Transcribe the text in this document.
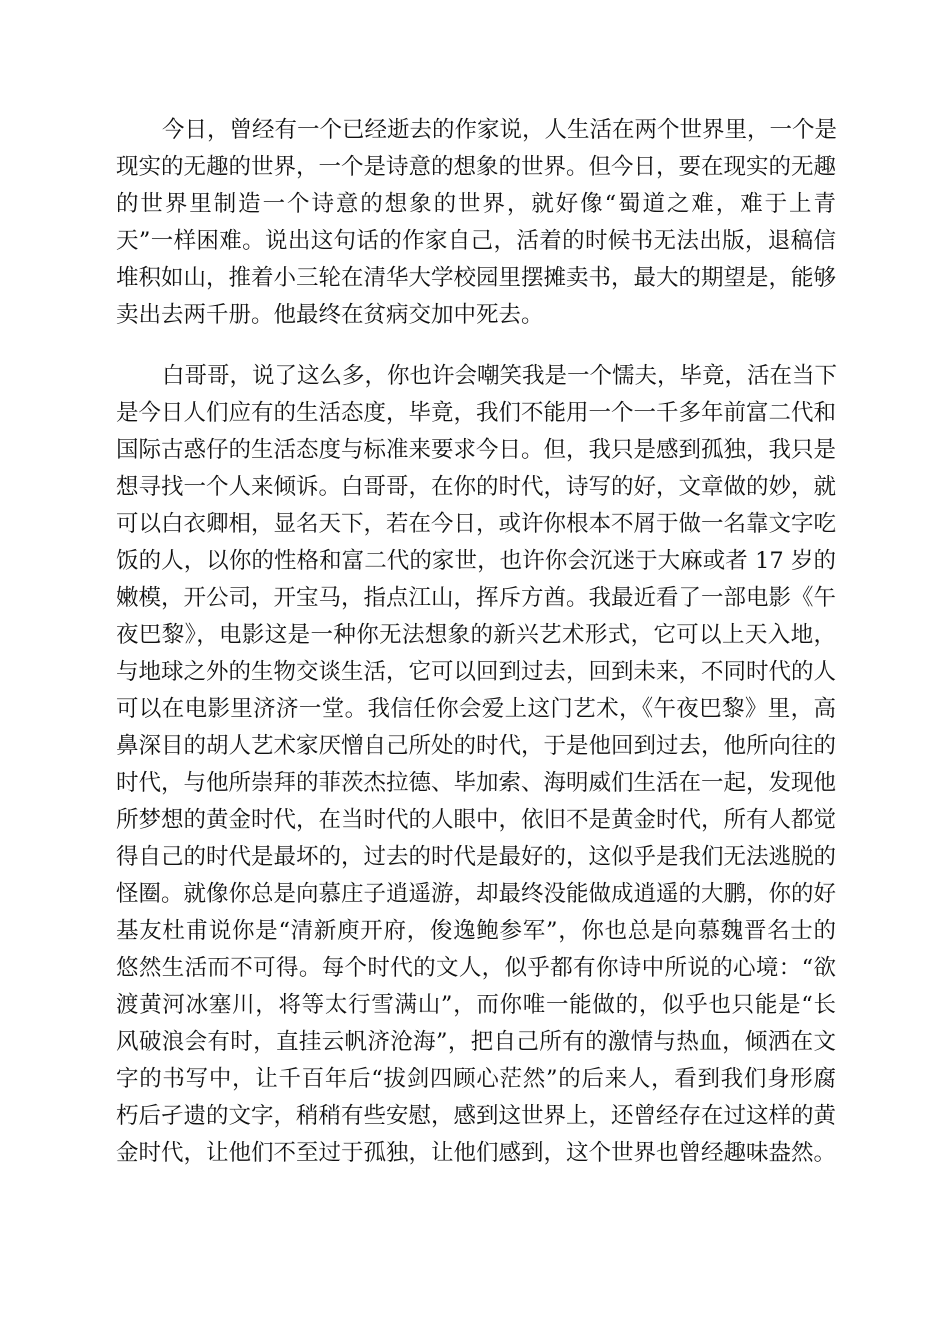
今日，曾经有一个已经逝去的作家说，人生活在两个世界里，一个是
现实的无趣的世界，一个是诗意的想象的世界。但今日，要在现实的无趣
的世界里制造一个诗意的想象的世界，就好像“蜀道之难，难于上青
天”一样困难。说出这句话的作家自己，活着的时候书无法出版，退稿信
堆积如山，推着小三轮在清华大学校园里摆摊卖书，最大的期望是，能够
卖出去两千册。他最终在贫病交加中死去。
白哥哥，说了这么多，你也许会嘲笑我是一个懦夫，毕竟，活在当下
是今日人们应有的生活态度，毕竟，我们不能用一个一千多年前富二代和
国际古惑仔的生活态度与标准来要求今日。但，我只是感到孤独，我只是
想寻找一个人来倾诉。白哥哥，在你的时代，诗写的好，文章做的妙，就
可以白衣卿相，显名天下，若在今日，或许你根本不屑于做一名靠文字吃
饭的人，以你的性格和富二代的家世，也许你会沉迷于大麻或者 17 岁的
嫩模，开公司，开宝马，指点江山，挥斥方酋。我最近看了一部电影《午
夜巴黎》，电影这是一种你无法想象的新兴艺术形式，它可以上天入地，
与地球之外的生物交谈生活，它可以回到过去，回到未来，不同时代的人
可以在电影里济济一堂。我信任你会爱上这门艺术，《午夜巴黎》里，高
鼻深目的胡人艺术家厌憎自己所处的时代，于是他回到过去，他所向往的
时代，与他所崇拜的菲茨杰拉德、毕加索、海明威们生活在一起，发现他
所梦想的黄金时代，在当时代的人眼中，依旧不是黄金时代，所有人都觉
得自己的时代是最坏的，过去的时代是最好的，这似乎是我们无法逃脱的
怪圈。就像你总是向慕庄子逍遥游，却最终没能做成逍遥的大鹏，你的好
基友杜甫说你是“清新庾开府，俊逸鲍参军”，你也总是向慕魏晋名士的
悠然生活而不可得。每个时代的文人，似乎都有你诗中所说的心境：“欲
渡黄河冰塞川，将等太行雪满山”，而你唯一能做的，似乎也只能是“长
风破浪会有时，直挂云帆济沧海”，把自己所有的激情与热血，倾洒在文
字的书写中，让千百年后“拔剑四顾心茫然”的后来人，看到我们身形腐
朽后孑遗的文字，稍稍有些安慰，感到这世界上，还曾经存在过这样的黄
金时代，让他们不至过于孤独，让他们感到，这个世界也曾经趣味盎然。
